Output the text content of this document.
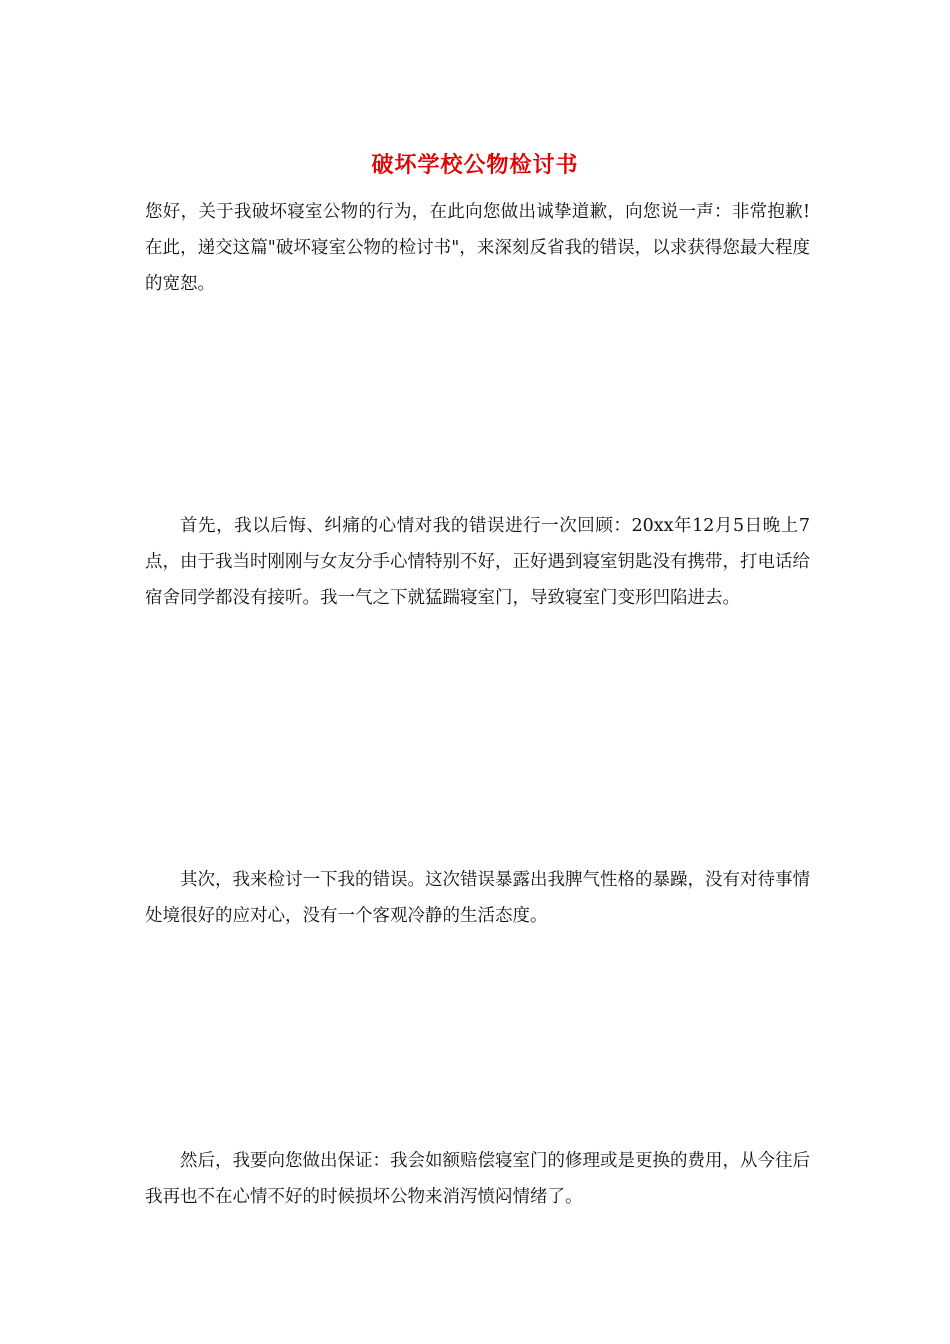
破坏学校公物检讨书

您好，关于我破坏寝室公物的行为，在此向您做出诚挚道歉，向您说一声：非常抱歉!在此，递交这篇"破坏寝室公物的检讨书"，来深刻反省我的错误，以求获得您最大程度的宽恕。

首先，我以后悔、纠痛的心情对我的错误进行一次回顾：20xx年12月5日晚上7点，由于我当时刚刚与女友分手心情特别不好，正好遇到寝室钥匙没有携带，打电话给宿舍同学都没有接听。我一气之下就猛踹寝室门，导致寝室门变形凹陷进去。

其次，我来检讨一下我的错误。这次错误暴露出我脾气性格的暴躁，没有对待事情处境很好的应对心，没有一个客观冷静的生活态度。

然后，我要向您做出保证：我会如额赔偿寝室门的修理或是更换的费用，从今往后我再也不在心情不好的时候损坏公物来消泻愤闷情绪了。
